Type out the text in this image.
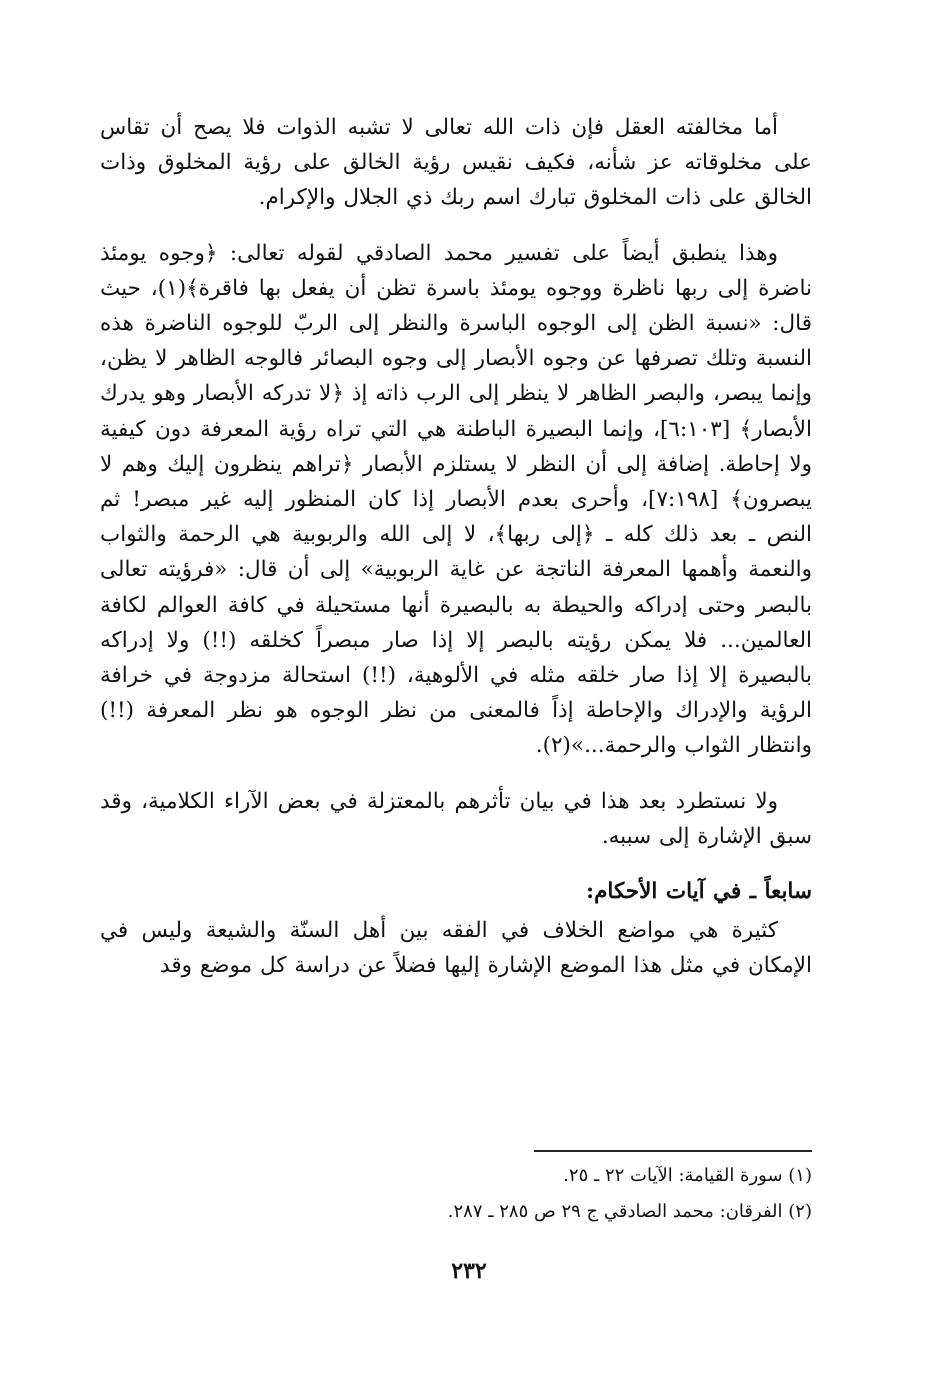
أما مخالفته العقل فإن ذات الله تعالى لا تشبه الذوات فلا يصح أن تقاس على مخلوقاته عز شأنه، فكيف نقيس رؤية الخالق على رؤية المخلوق وذات الخالق على ذات المخلوق تبارك اسم ربك ذي الجلال والإكرام.

وهذا ينطبق أيضاً على تفسير محمد الصادقي لقوله تعالى: ﴿وجوه يومئذ ناضرة إلى ربها ناظرة ووجوه يومئذ باسرة تظن أن يفعل بها فاقرة﴾(١)، حيث قال: «نسبة الظن إلى الوجوه الباسرة والنظر إلى الربّ للوجوه الناضرة هذه النسبة وتلك تصرفها عن وجوه الأبصار إلى وجوه البصائر فالوجه الظاهر لا يظن، وإنما يبصر، والبصر الظاهر لا ينظر إلى الرب ذاته إذ ﴿لا تدركه الأبصار وهو يدرك الأبصار﴾ [٦:١٠٣]، وإنما البصيرة الباطنة هي التي تراه رؤية المعرفة دون كيفية ولا إحاطة. إضافة إلى أن النظر لا يستلزم الأبصار ﴿تراهم ينظرون إليك وهم لا يبصرون﴾ [٧:١٩٨]، وأحرى بعدم الأبصار إذا كان المنظور إليه غير مبصر! ثم النص ـ بعد ذلك كله ـ ﴿إلى ربها﴾، لا إلى الله والربوبية هي الرحمة والثواب والنعمة وأهمها المعرفة الناتجة عن غاية الربوبية» إلى أن قال: «فرؤيته تعالى بالبصر وحتى إدراكه والحيطة به بالبصيرة أنها مستحيلة في كافة العوالم لكافة العالمين... فلا يمكن رؤيته بالبصر إلا إذا صار مبصراً كخلقه (!!) ولا إدراكه بالبصيرة إلا إذا صار خلقه مثله في الألوهية، (!!) استحالة مزدوجة في خرافة الرؤية والإدراك والإحاطة إذاً فالمعنى من نظر الوجوه هو نظر المعرفة (!!) وانتظار الثواب والرحمة...»(٢).

ولا نستطرد بعد هذا في بيان تأثرهم بالمعتزلة في بعض الآراء الكلامية، وقد سبق الإشارة إلى سببه.

سابعاً ـ في آيات الأحكام:

كثيرة هي مواضع الخلاف في الفقه بين أهل السنّة والشيعة وليس في الإمكان في مثل هذا الموضع الإشارة إليها فضلاً عن دراسة كل موضع وقد

(١) سورة القيامة: الآيات ٢٢ ـ ٢٥.

(٢) الفرقان: محمد الصادقي ج ٢٩ ص ٢٨٥ ـ ٢٨٧.

٢٣٢
